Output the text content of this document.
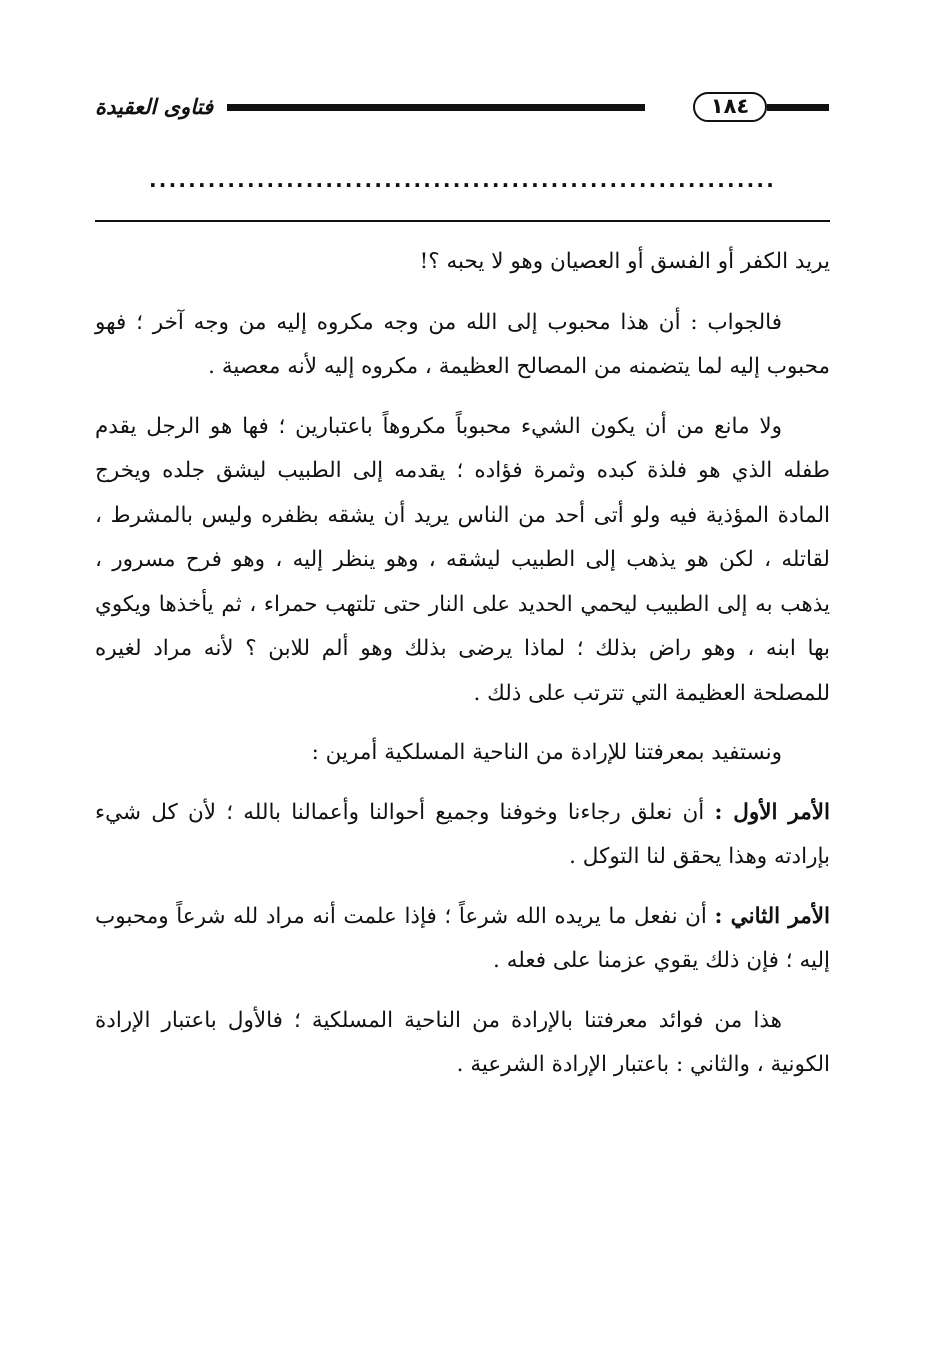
فتاوى العقيدة	١٨٤
................................................................

يريد الكفر أو الفسق أو العصيان وهو لا يحبه ؟!

فالجواب : أن هذا محبوب إلى الله من وجه مكروه إليه من وجه آخر ؛ فهو محبوب إليه لما يتضمنه من المصالح العظيمة ، مكروه إليه لأنه معصية .

ولا مانع من أن يكون الشيء محبوباً مكروهاً باعتبارين ؛ فها هو الرجل يقدم طفله الذي هو فلذة كبده وثمرة فؤاده ؛ يقدمه إلى الطبيب ليشق جلده ويخرج المادة المؤذية فيه ولو أتى أحد من الناس يريد أن يشقه بظفره وليس بالمشرط ، لقاتله ، لكن هو يذهب إلى الطبيب ليشقه ، وهو ينظر إليه ، وهو فرح مسرور ، يذهب به إلى الطبيب ليحمي الحديد على النار حتى تلتهب حمراء ، ثم يأخذها ويكوي بها ابنه ، وهو راض بذلك ؛ لماذا يرضى بذلك وهو ألم للابن ؟ لأنه مراد لغيره للمصلحة العظيمة التي تترتب على ذلك .

ونستفيد بمعرفتنا للإرادة من الناحية المسلكية أمرين :

الأمر الأول : أن نعلق رجاءنا وخوفنا وجميع أحوالنا وأعمالنا بالله ؛ لأن كل شيء بإرادته وهذا يحقق لنا التوكل .

الأمر الثاني : أن نفعل ما يريده الله شرعاً ؛ فإذا علمت أنه مراد لله شرعاً ومحبوب إليه ؛ فإن ذلك يقوي عزمنا على فعله .

هذا من فوائد معرفتنا بالإرادة من الناحية المسلكية ؛ فالأول باعتبار الإرادة الكونية ، والثاني : باعتبار الإرادة الشرعية .
